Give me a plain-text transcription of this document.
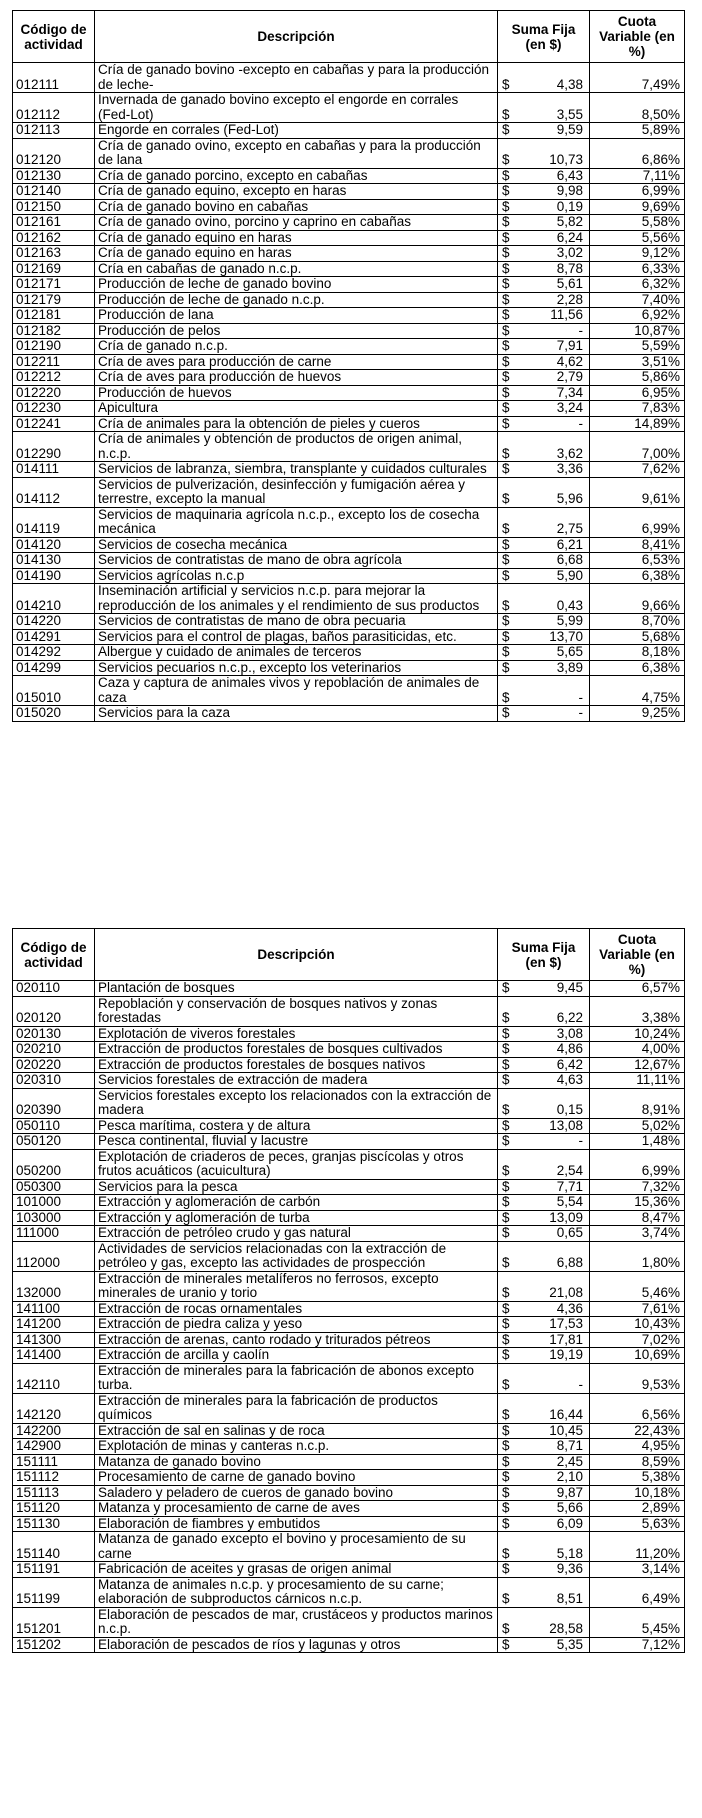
Código de actividad	Descripción	Suma Fija (en $)	Cuota Variable (en %)
012111	Cría de ganado bovino -excepto en cabañas y para la producción de leche-	$ 4,38	7,49%
012112	Invernada de ganado bovino excepto el engorde en corrales (Fed-Lot)	$ 3,55	8,50%
012113	Engorde en corrales (Fed-Lot)	$ 9,59	5,89%
012120	Cría de ganado ovino, excepto en cabañas y para la producción de lana	$ 10,73	6,86%
012130	Cría de ganado porcino, excepto en cabañas	$ 6,43	7,11%
012140	Cría de ganado equino, excepto en haras	$ 9,98	6,99%
012150	Cría de ganado bovino en cabañas	$ 0,19	9,69%
012161	Cría de ganado ovino, porcino y caprino en cabañas	$ 5,82	5,58%
012162	Cría de ganado equino en haras	$ 6,24	5,56%
012163	Cría de ganado equino en haras	$ 3,02	9,12%
012169	Cría en cabañas de ganado n.c.p.	$ 8,78	6,33%
012171	Producción de leche de ganado bovino	$ 5,61	6,32%
012179	Producción de leche de ganado n.c.p.	$ 2,28	7,40%
012181	Producción de lana	$ 11,56	6,92%
012182	Producción de pelos	$ -	10,87%
012190	Cría de ganado n.c.p.	$ 7,91	5,59%
012211	Cría de aves para producción de carne	$ 4,62	3,51%
012212	Cría de aves para producción de huevos	$ 2,79	5,86%
012220	Producción de huevos	$ 7,34	6,95%
012230	Apicultura	$ 3,24	7,83%
012241	Cría de animales para la obtención de pieles y cueros	$ -	14,89%
012290	Cría de animales y obtención de productos de origen animal, n.c.p.	$ 3,62	7,00%
014111	Servicios de labranza, siembra, transplante y cuidados culturales	$ 3,36	7,62%
014112	Servicios de pulverización, desinfección y fumigación aérea y terrestre, excepto la manual	$ 5,96	9,61%
014119	Servicios de maquinaria agrícola n.c.p., excepto los de cosecha mecánica	$ 2,75	6,99%
014120	Servicios de cosecha mecánica	$ 6,21	8,41%
014130	Servicios de contratistas de mano de obra agrícola	$ 6,68	6,53%
014190	Servicios agrícolas n.c.p	$ 5,90	6,38%
014210	Inseminación artificial y servicios n.c.p. para mejorar la reproducción de los animales y el rendimiento de sus productos	$ 0,43	9,66%
014220	Servicios de contratistas de mano de obra pecuaria	$ 5,99	8,70%
014291	Servicios para el control de plagas, baños parasiticidas, etc.	$ 13,70	5,68%
014292	Albergue y cuidado de animales de terceros	$ 5,65	8,18%
014299	Servicios pecuarios n.c.p., excepto los veterinarios	$ 3,89	6,38%
015010	Caza y captura de animales vivos y repoblación de animales de caza	$ -	4,75%
015020	Servicios para la caza	$ -	9,25%
Código de actividad	Descripción	Suma Fija (en $)	Cuota Variable (en %)
020110	Plantación de bosques	$ 9,45	6,57%
020120	Repoblación y conservación de bosques nativos y zonas forestadas	$ 6,22	3,38%
020130	Explotación de viveros forestales	$ 3,08	10,24%
020210	Extracción de productos forestales de bosques cultivados	$ 4,86	4,00%
020220	Extracción de productos forestales de bosques nativos	$ 6,42	12,67%
020310	Servicios forestales de extracción de madera	$ 4,63	11,11%
020390	Servicios forestales excepto los relacionados con la extracción de madera	$ 0,15	8,91%
050110	Pesca marítima, costera y de altura	$ 13,08	5,02%
050120	Pesca continental, fluvial y lacustre	$ -	1,48%
050200	Explotación de criaderos de peces, granjas piscícolas y otros frutos acuáticos (acuicultura)	$ 2,54	6,99%
050300	Servicios para la pesca	$ 7,71	7,32%
101000	Extracción y aglomeración de carbón	$ 5,54	15,36%
103000	Extracción y aglomeración de turba	$ 13,09	8,47%
111000	Extracción de petróleo crudo y gas natural	$ 0,65	3,74%
112000	Actividades de servicios relacionadas con la extracción de petróleo y gas, excepto las actividades de prospección	$ 6,88	1,80%
132000	Extracción de minerales metalíferos no ferrosos, excepto minerales de uranio y torio	$ 21,08	5,46%
141100	Extracción de rocas ornamentales	$ 4,36	7,61%
141200	Extracción de piedra caliza y yeso	$ 17,53	10,43%
141300	Extracción de arenas, canto rodado y triturados pétreos	$ 17,81	7,02%
141400	Extracción de arcilla y caolín	$ 19,19	10,69%
142110	Extracción de minerales para la fabricación de abonos excepto turba.	$ -	9,53%
142120	Extracción de minerales para la fabricación de productos químicos	$ 16,44	6,56%
142200	Extracción de sal en salinas y de roca	$ 10,45	22,43%
142900	Explotación de minas y canteras n.c.p.	$ 8,71	4,95%
151111	Matanza de ganado bovino	$ 2,45	8,59%
151112	Procesamiento de carne de ganado bovino	$ 2,10	5,38%
151113	Saladero y peladero de cueros de ganado bovino	$ 9,87	10,18%
151120	Matanza y procesamiento de carne de aves	$ 5,66	2,89%
151130	Elaboración de fiambres y embutidos	$ 6,09	5,63%
151140	Matanza de ganado excepto el bovino y procesamiento de su carne	$ 5,18	11,20%
151191	Fabricación de aceites y grasas de origen animal	$ 9,36	3,14%
151199	Matanza de animales n.c.p. y procesamiento de su carne; elaboración de subproductos cárnicos n.c.p.	$ 8,51	6,49%
151201	Elaboración de pescados de mar, crustáceos y productos marinos n.c.p.	$ 28,58	5,45%
151202	Elaboración de pescados de ríos y lagunas y otros	$ 5,35	7,12%
